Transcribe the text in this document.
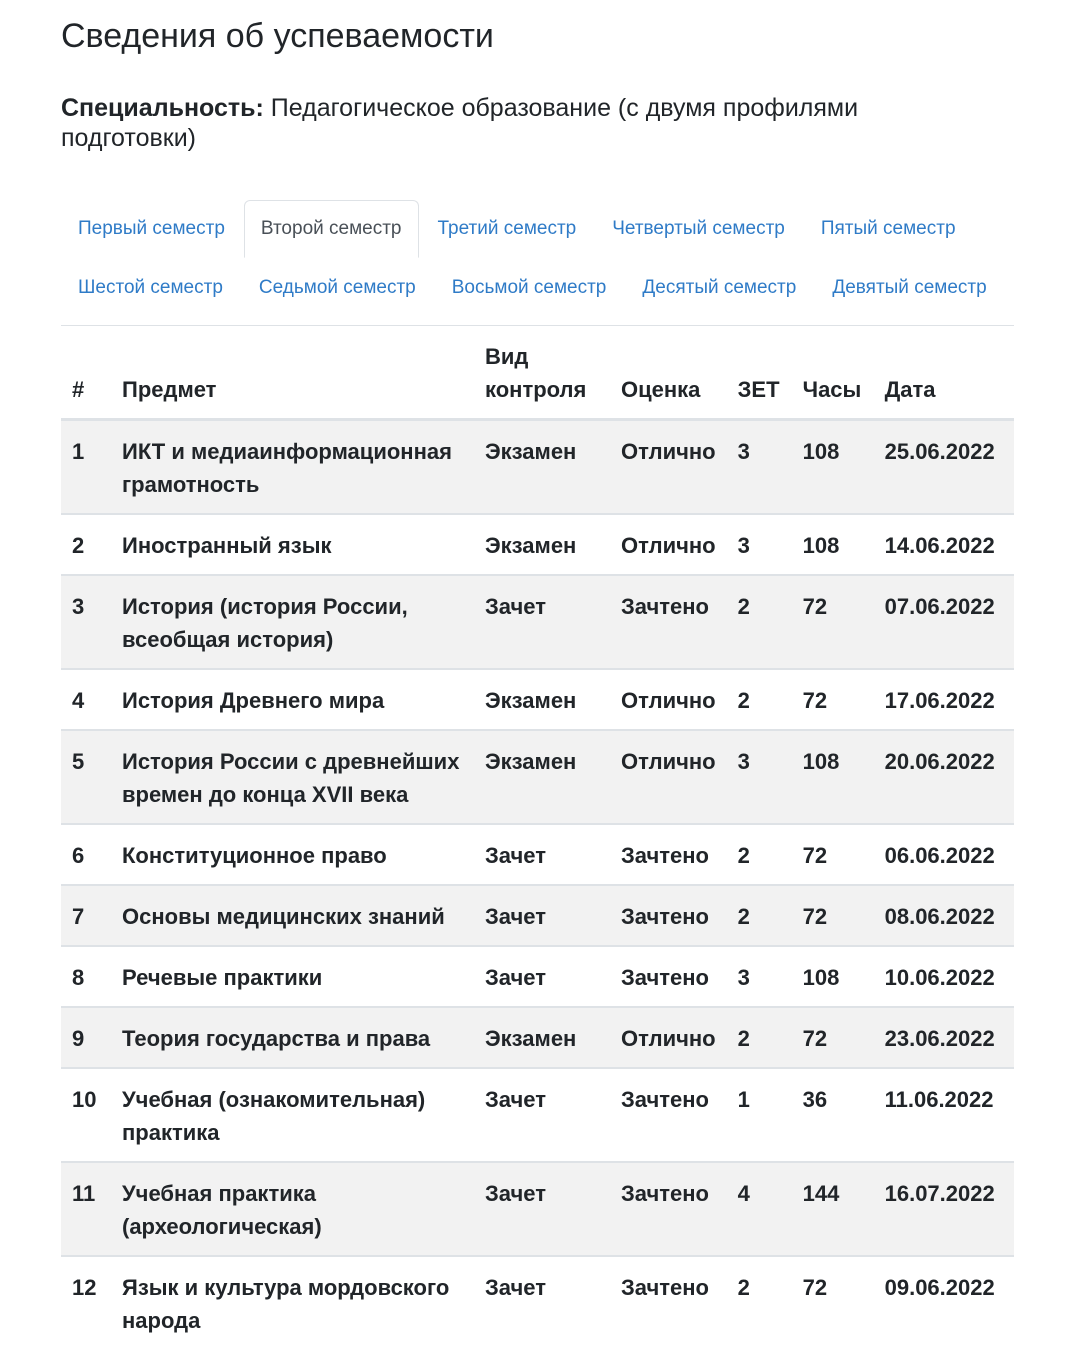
Сведения об успеваемости
Специальность: Педагогическое образование (с двумя профилями подготовки)
Первый семестр	Второй семестр	Третий семестр	Четвертый семестр	Пятый семестр
Шестой семестр	Седьмой семестр	Восьмой семестр	Десятый семестр	Девятый семестр
#	Предмет	Вид контроля	Оценка	ЗЕТ	Часы	Дата
1	ИКТ и медиаинформационная грамотность	Экзамен	Отлично	3	108	25.06.2022
2	Иностранный язык	Экзамен	Отлично	3	108	14.06.2022
3	История (история России, всеобщая история)	Зачет	Зачтено	2	72	07.06.2022
4	История Древнего мира	Экзамен	Отлично	2	72	17.06.2022
5	История России с древнейших времен до конца XVII века	Экзамен	Отлично	3	108	20.06.2022
6	Конституционное право	Зачет	Зачтено	2	72	06.06.2022
7	Основы медицинских знаний	Зачет	Зачтено	2	72	08.06.2022
8	Речевые практики	Зачет	Зачтено	3	108	10.06.2022
9	Теория государства и права	Экзамен	Отлично	2	72	23.06.2022
10	Учебная (ознакомительная) практика	Зачет	Зачтено	1	36	11.06.2022
11	Учебная практика (археологическая)	Зачет	Зачтено	4	144	16.07.2022
12	Язык и культура мордовского народа	Зачет	Зачтено	2	72	09.06.2022
